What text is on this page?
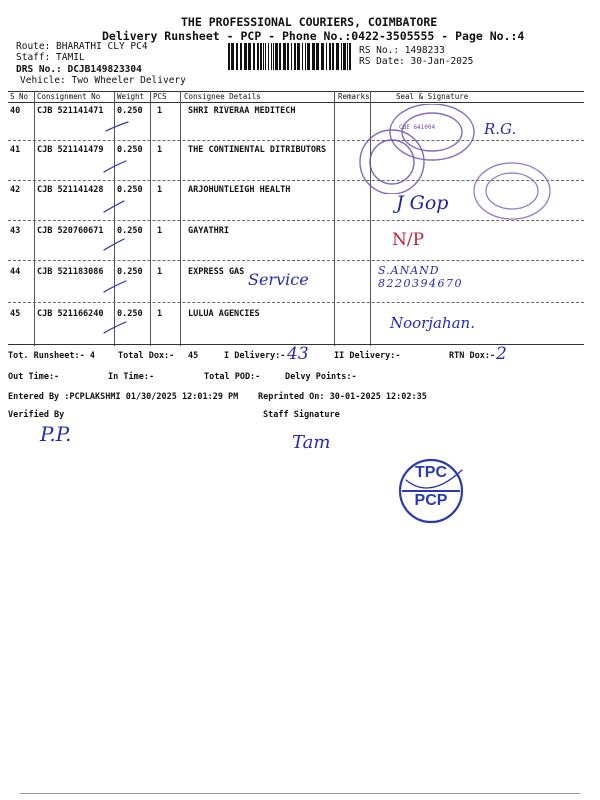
THE PROFESSIONAL COURIERS, COIMBATORE
Delivery Runsheet - PCP - Phone No.:0422-3505555 - Page No.:4
Route: BHARATHI CLY PC4
Staff: TAMIL
DRS No.: DCJB149823304
Vehicle: Two Wheeler Delivery
RS No.: 1498233
RS Date: 30-Jan-2025
S No Consignment No Weight PCS Consignee Details	Remarks	Seal & Signature
40 CJB 521141471 0.250 1	SHRI RIVERAA MEDITECH
41 CJB 521141479 0.250 1	THE CONTINENTAL DITRIBUTORS
42 CJB 521141428 0.250 1	ARJOHUNTLEIGH HEALTH
43 CJB 520760671 0.250 1	GAYATHRI
44 CJB 521183086 0.250 1	EXPRESS GAS
45 CJB 521166240 0.250 1	LULUA AGENCIES
CBE 641004	R.G.
J Gop
N/P
Service	S.ANAND
8220394670
Noorjahan.
Tot. Runsheet:- 4	Total Dox:- 45	I Delivery:- 43	II Delivery:-	RTN Dox:- 2
Out Time:-	In Time:-	Total POD:-	Delvy Points:-
Entered By :PCPLAKSHMI 01/30/2025 12:01:29 PM Reprinted On: 30-01-2025 12:02:35
Verified By	Staff Signature
P.P.	Tam
TPC
PCP
